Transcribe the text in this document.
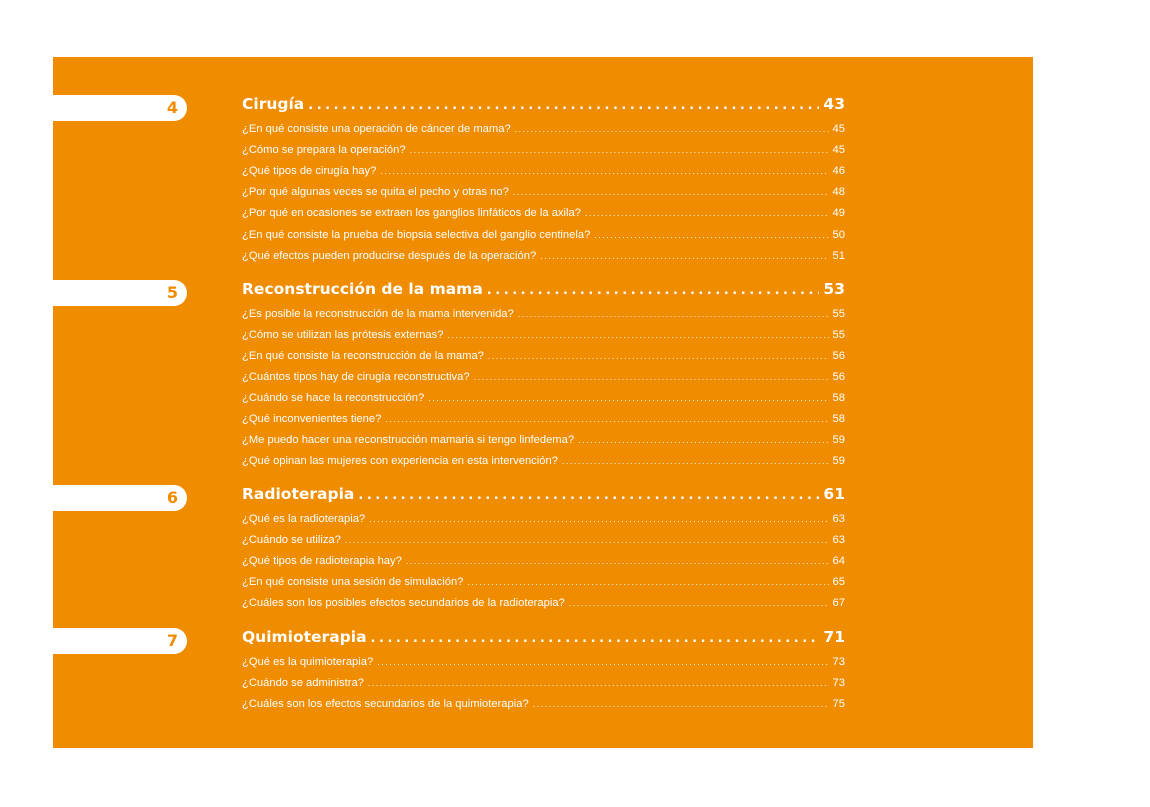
4	Cirugía . . .	43
¿En qué consiste una operación de cáncer de mama? . . .	45
¿Cómo se prepara la operación? . . .	45
¿Qué tipos de cirugía hay? . . .	46
¿Por qué algunas veces se quita el pecho y otras no? . . .	48
¿Por qué en ocasiones se extraen los ganglios linfáticos de la axila? . . .	49
¿En qué consiste la prueba de biopsia selectiva del ganglio centinela? . . .	50
¿Qué efectos pueden producirse después de la operación? . . .	51
5	Reconstrucción de la mama . . .	53
¿Es posible la reconstrucción de la mama intervenida? . . .	55
¿Cómo se utilizan las prótesis externas? . . .	55
¿En qué consiste la reconstrucción de la mama? . . .	56
¿Cuántos tipos hay de cirugía reconstructiva? . . .	56
¿Cuándo se hace la reconstrucción? . . .	58
¿Qué inconvenientes tiene? . . .	58
¿Me puedo hacer una reconstrucción mamaria si tengo linfedema? . . .	59
¿Qué opinan las mujeres con experiencia en esta intervención? . . .	59
6	Radioterapia . . .	61
¿Qué es la radioterapia? . . .	63
¿Cuándo se utiliza? . . .	63
¿Qué tipos de radioterapia hay? . . .	64
¿En qué consiste una sesión de simulación? . . .	65
¿Cuáles son los posibles efectos secundarios de la radioterapia? . . .	67
7	Quimioterapia . . .	71
¿Qué es la quimioterapia? . . .	73
¿Cuándo se administra? . . .	73
¿Cuáles son los efectos secundarios de la quimioterapia? . . .	75
